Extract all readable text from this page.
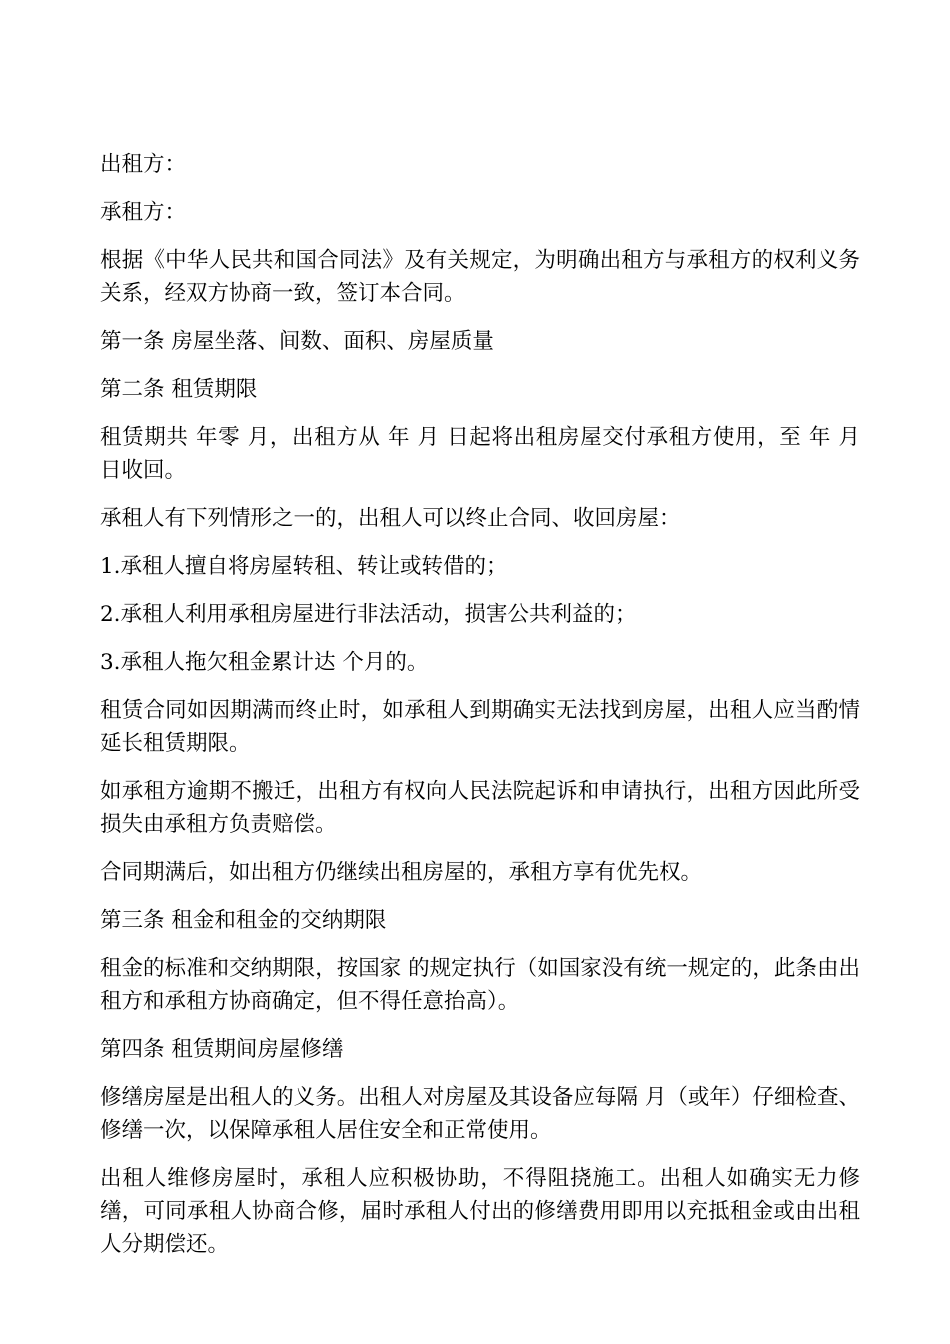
出租方：

承租方：

根据《中华人民共和国合同法》及有关规定，为明确出租方与承租方的权利义务关系，经双方协商一致，签订本合同。

第一条 房屋坐落、间数、面积、房屋质量

第二条 租赁期限

租赁期共 年零 月，出租方从 年 月 日起将出租房屋交付承租方使用，至 年 月 日收回。

承租人有下列情形之一的，出租人可以终止合同、收回房屋：

1.承租人擅自将房屋转租、转让或转借的；

2.承租人利用承租房屋进行非法活动，损害公共利益的；

3.承租人拖欠租金累计达 个月的。

租赁合同如因期满而终止时，如承租人到期确实无法找到房屋，出租人应当酌情延长租赁期限。

如承租方逾期不搬迁，出租方有权向人民法院起诉和申请执行，出租方因此所受损失由承租方负责赔偿。

合同期满后，如出租方仍继续出租房屋的，承租方享有优先权。

第三条 租金和租金的交纳期限

租金的标准和交纳期限，按国家 的规定执行（如国家没有统一规定的，此条由出租方和承租方协商确定，但不得任意抬高）。

第四条 租赁期间房屋修缮

修缮房屋是出租人的义务。出租人对房屋及其设备应每隔 月（或年）仔细检查、修缮一次，以保障承租人居住安全和正常使用。

出租人维修房屋时，承租人应积极协助，不得阻挠施工。出租人如确实无力修缮，可同承租人协商合修，届时承租人付出的修缮费用即用以充抵租金或由出租人分期偿还。
